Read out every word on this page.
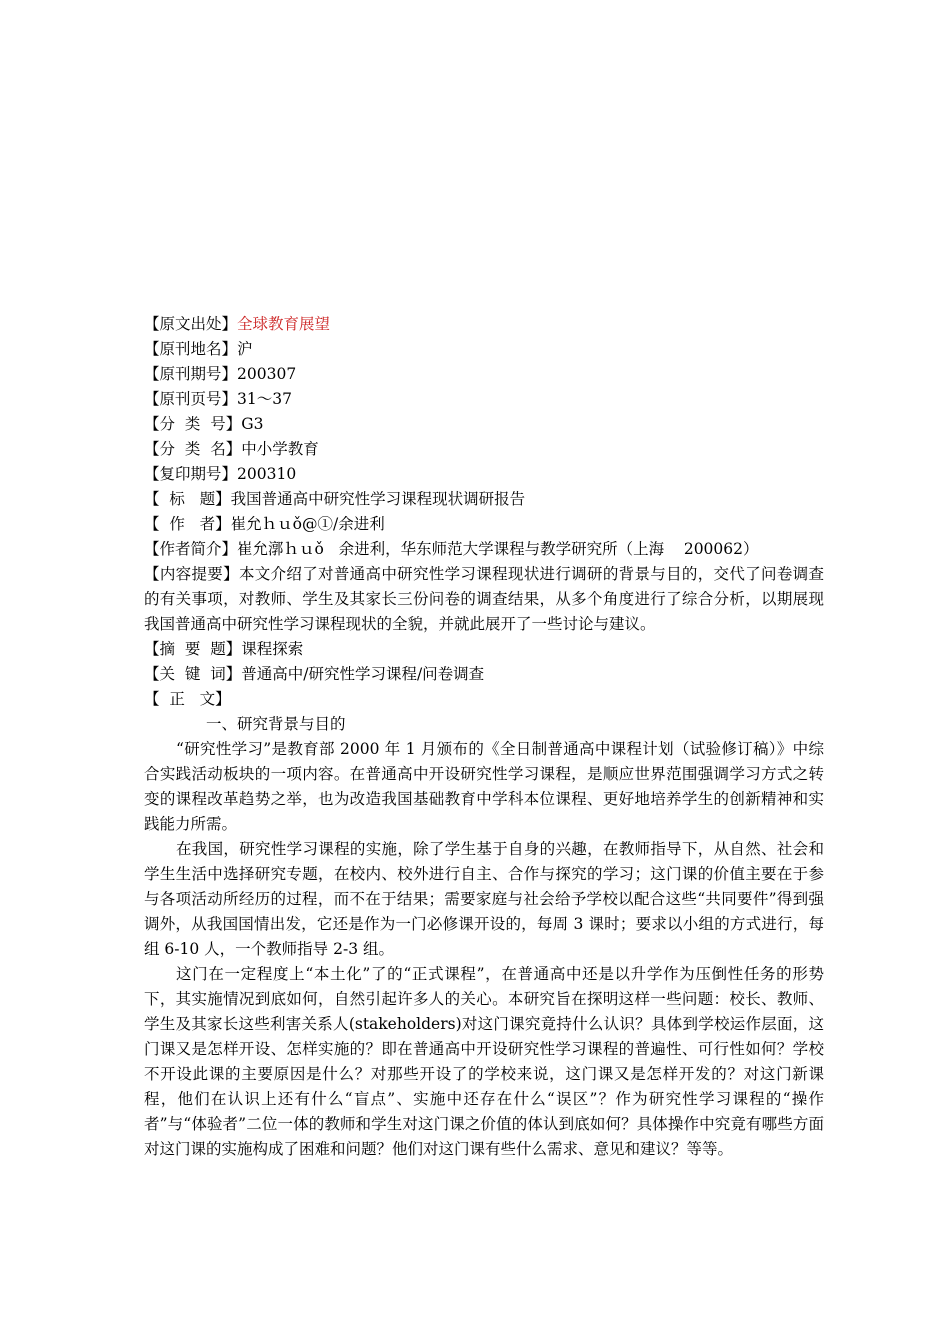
【原文出处】全球教育展望
【原刊地名】沪
【原刊期号】200307
【原刊页号】31～37
【分  类  号】G3
【分  类  名】中小学教育
【复印期号】200310
【  标   题】我国普通高中研究性学习课程现状调研报告
【  作   者】崔允ｈｕǒ@①/余进利
【作者简介】崔允漷ｈｕǒ   余进利，华东师范大学课程与教学研究所（上海    200062）
【内容提要】本文介绍了对普通高中研究性学习课程现状进行调研的背景与目的，交代了问卷调查的有关事项，对教师、学生及其家长三份问卷的调查结果，从多个角度进行了综合分析，以期展现我国普通高中研究性学习课程现状的全貌，并就此展开了一些讨论与建议。
【摘  要  题】课程探索
【关  键  词】普通高中/研究性学习课程/问卷调查
【  正   文】
一、研究背景与目的
“研究性学习”是教育部 2000 年 1 月颁布的《全日制普通高中课程计划（试验修订稿）》中综合实践活动板块的一项内容。在普通高中开设研究性学习课程，是顺应世界范围强调学习方式之转变的课程改革趋势之举，也为改造我国基础教育中学科本位课程、更好地培养学生的创新精神和实践能力所需。
在我国，研究性学习课程的实施，除了学生基于自身的兴趣，在教师指导下，从自然、社会和学生生活中选择研究专题，在校内、校外进行自主、合作与探究的学习；这门课的价值主要在于参与各项活动所经历的过程，而不在于结果；需要家庭与社会给予学校以配合这些“共同要件”得到强调外，从我国国情出发，它还是作为一门必修课开设的，每周 3 课时；要求以小组的方式进行，每组 6-10 人，一个教师指导 2-3 组。
这门在一定程度上“本土化”了的“正式课程”，在普通高中还是以升学作为压倒性任务的形势下，其实施情况到底如何，自然引起许多人的关心。本研究旨在探明这样一些问题：校长、教师、学生及其家长这些利害关系人(stakeholders)对这门课究竟持什么认识？具体到学校运作层面，这门课又是怎样开设、怎样实施的？即在普通高中开设研究性学习课程的普遍性、可行性如何？学校不开设此课的主要原因是什么？对那些开设了的学校来说，这门课又是怎样开发的？对这门新课程，他们在认识上还有什么“盲点”、实施中还存在什么“误区”？作为研究性学习课程的“操作者”与“体验者”二位一体的教师和学生对这门课之价值的体认到底如何？具体操作中究竟有哪些方面对这门课的实施构成了困难和问题？他们对这门课有些什么需求、意见和建议？等等。
